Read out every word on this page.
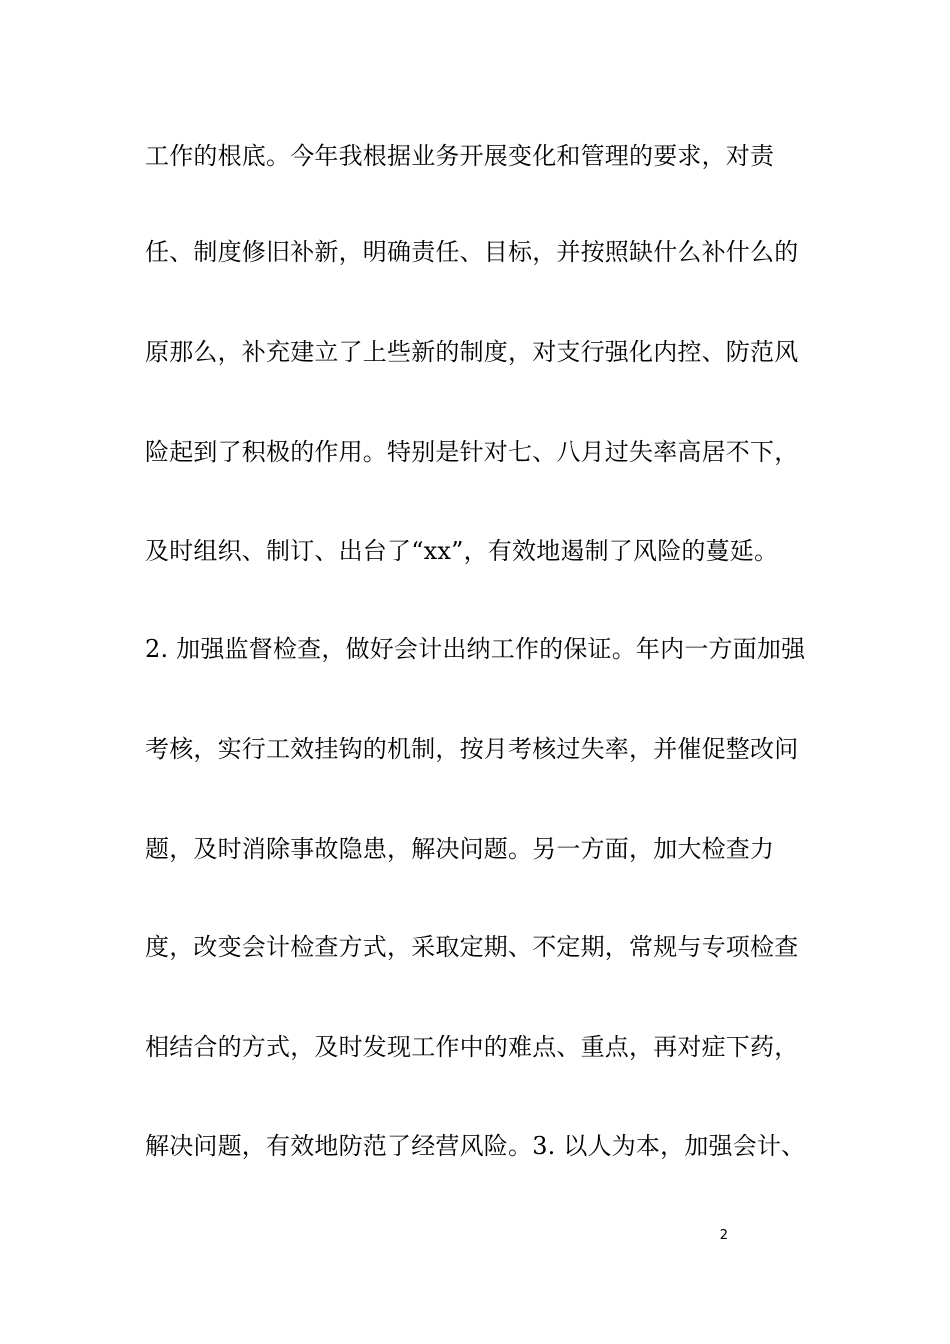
工作的根底。今年我根据业务开展变化和管理的要求，对责
任、制度修旧补新，明确责任、目标，并按照缺什么补什么的
原那么，补充建立了上些新的制度，对支行强化内控、防范风
险起到了积极的作用。特别是针对七、八月过失率高居不下，
及时组织、制订、出台了“xx”，有效地遏制了风险的蔓延。
2. 加强监督检查，做好会计出纳工作的保证。年内一方面加强
考核，实行工效挂钩的机制，按月考核过失率，并催促整改问
题，及时消除事故隐患，解决问题。另一方面，加大检查力
度，改变会计检查方式，采取定期、不定期，常规与专项检查
相结合的方式，及时发现工作中的难点、重点，再对症下药，
解决问题，有效地防范了经营风险。3. 以人为本，加强会计、
2
